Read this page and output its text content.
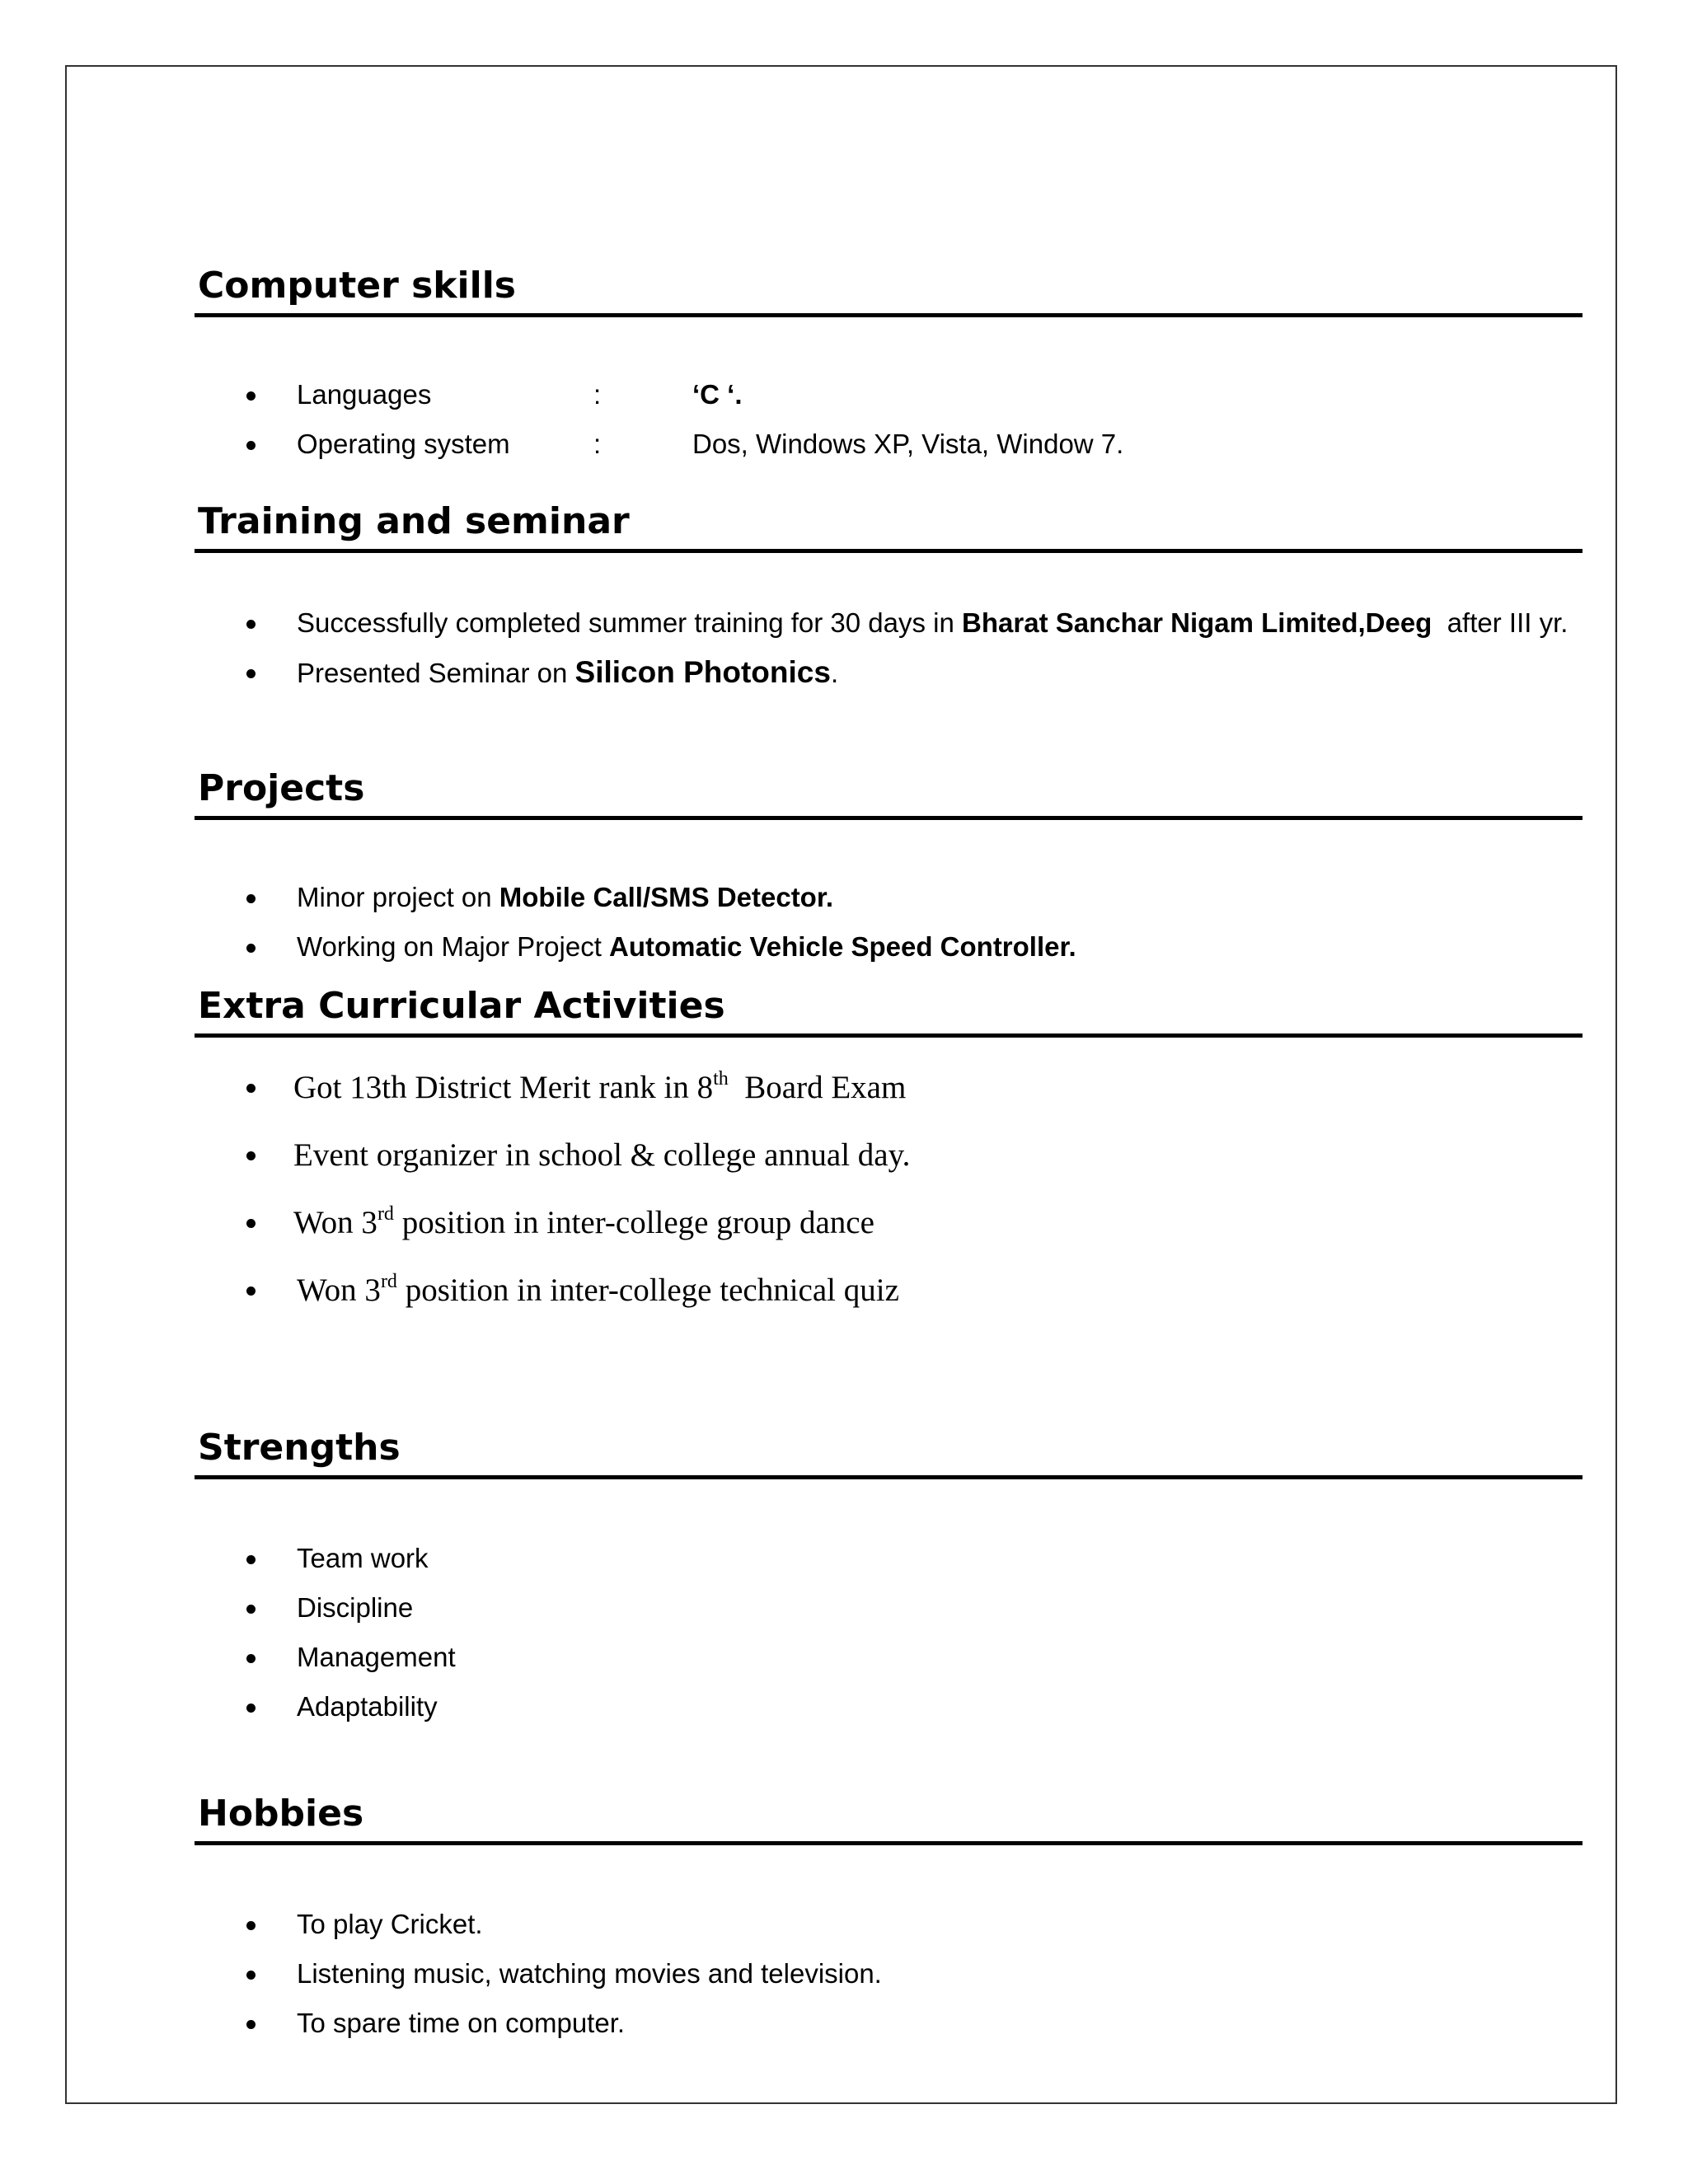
Computer skills
Languages	:	‘C ‘.
Operating system	:	Dos, Windows XP, Vista, Window 7.
Training and seminar
Successfully completed summer training for 30 days in Bharat Sanchar Nigam Limited,Deeg  after III yr.
Presented Seminar on Silicon Photonics.
Projects
Minor project on Mobile Call/SMS Detector.
Working on Major Project Automatic Vehicle Speed Controller.
Extra Curricular Activities
Got 13th District Merit rank in 8th  Board Exam
Event organizer in school & college annual day.
Won 3rd position in inter-college group dance
Won 3rd position in inter-college technical quiz
Strengths
Team work
Discipline
Management
Adaptability
Hobbies
To play Cricket.
Listening music, watching movies and television.
To spare time on computer.
